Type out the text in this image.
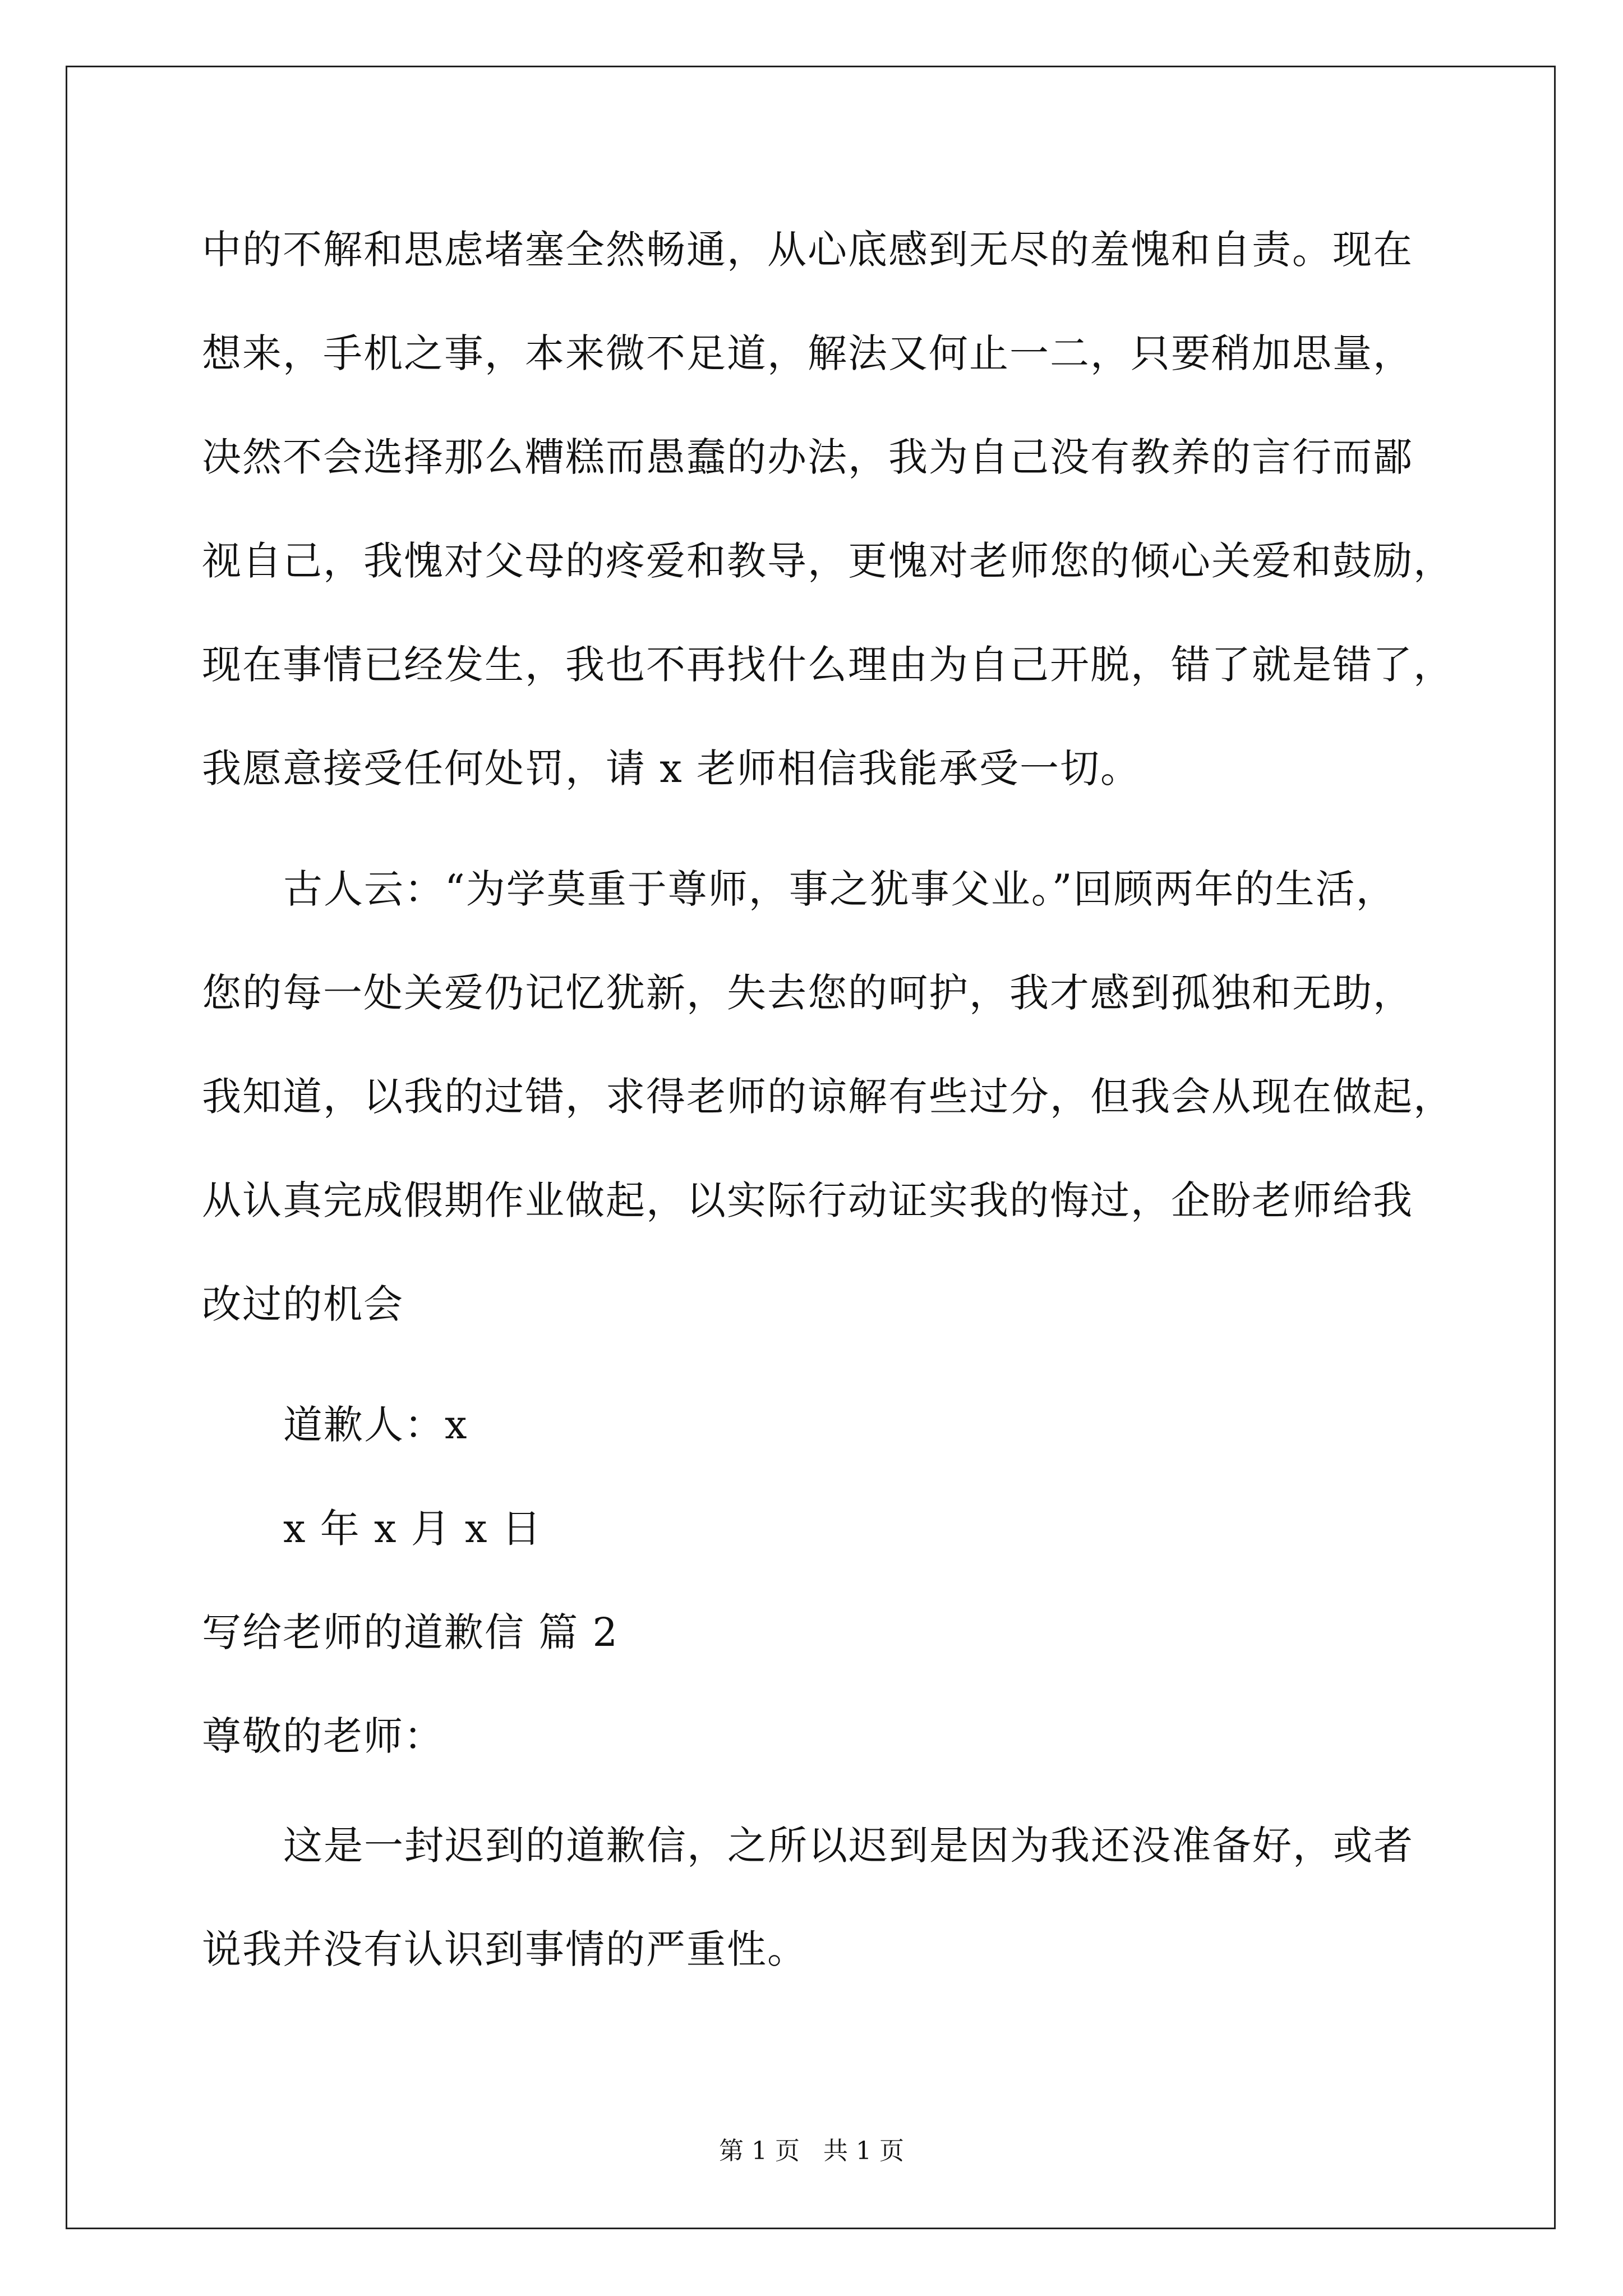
中的不解和思虑堵塞全然畅通，从心底感到无尽的羞愧和自责。现在
想来，手机之事，本来微不足道，解法又何止一二，只要稍加思量，
决然不会选择那么糟糕而愚蠢的办法，我为自己没有教养的言行而鄙
视自己，我愧对父母的疼爱和教导，更愧对老师您的倾心关爱和鼓励，
现在事情已经发生，我也不再找什么理由为自己开脱，错了就是错了，
我愿意接受任何处罚，请 x 老师相信我能承受一切。
古人云：“为学莫重于尊师，事之犹事父业。”回顾两年的生活，
您的每一处关爱仍记忆犹新，失去您的呵护，我才感到孤独和无助，
我知道，以我的过错，求得老师的谅解有些过分，但我会从现在做起，
从认真完成假期作业做起，以实际行动证实我的悔过，企盼老师给我
改过的机会
道歉人：x
x 年 x 月 x 日
写给老师的道歉信 篇 2
尊敬的老师：
这是一封迟到的道歉信，之所以迟到是因为我还没准备好，或者
说我并没有认识到事情的严重性。
第 1 页   共 1 页
